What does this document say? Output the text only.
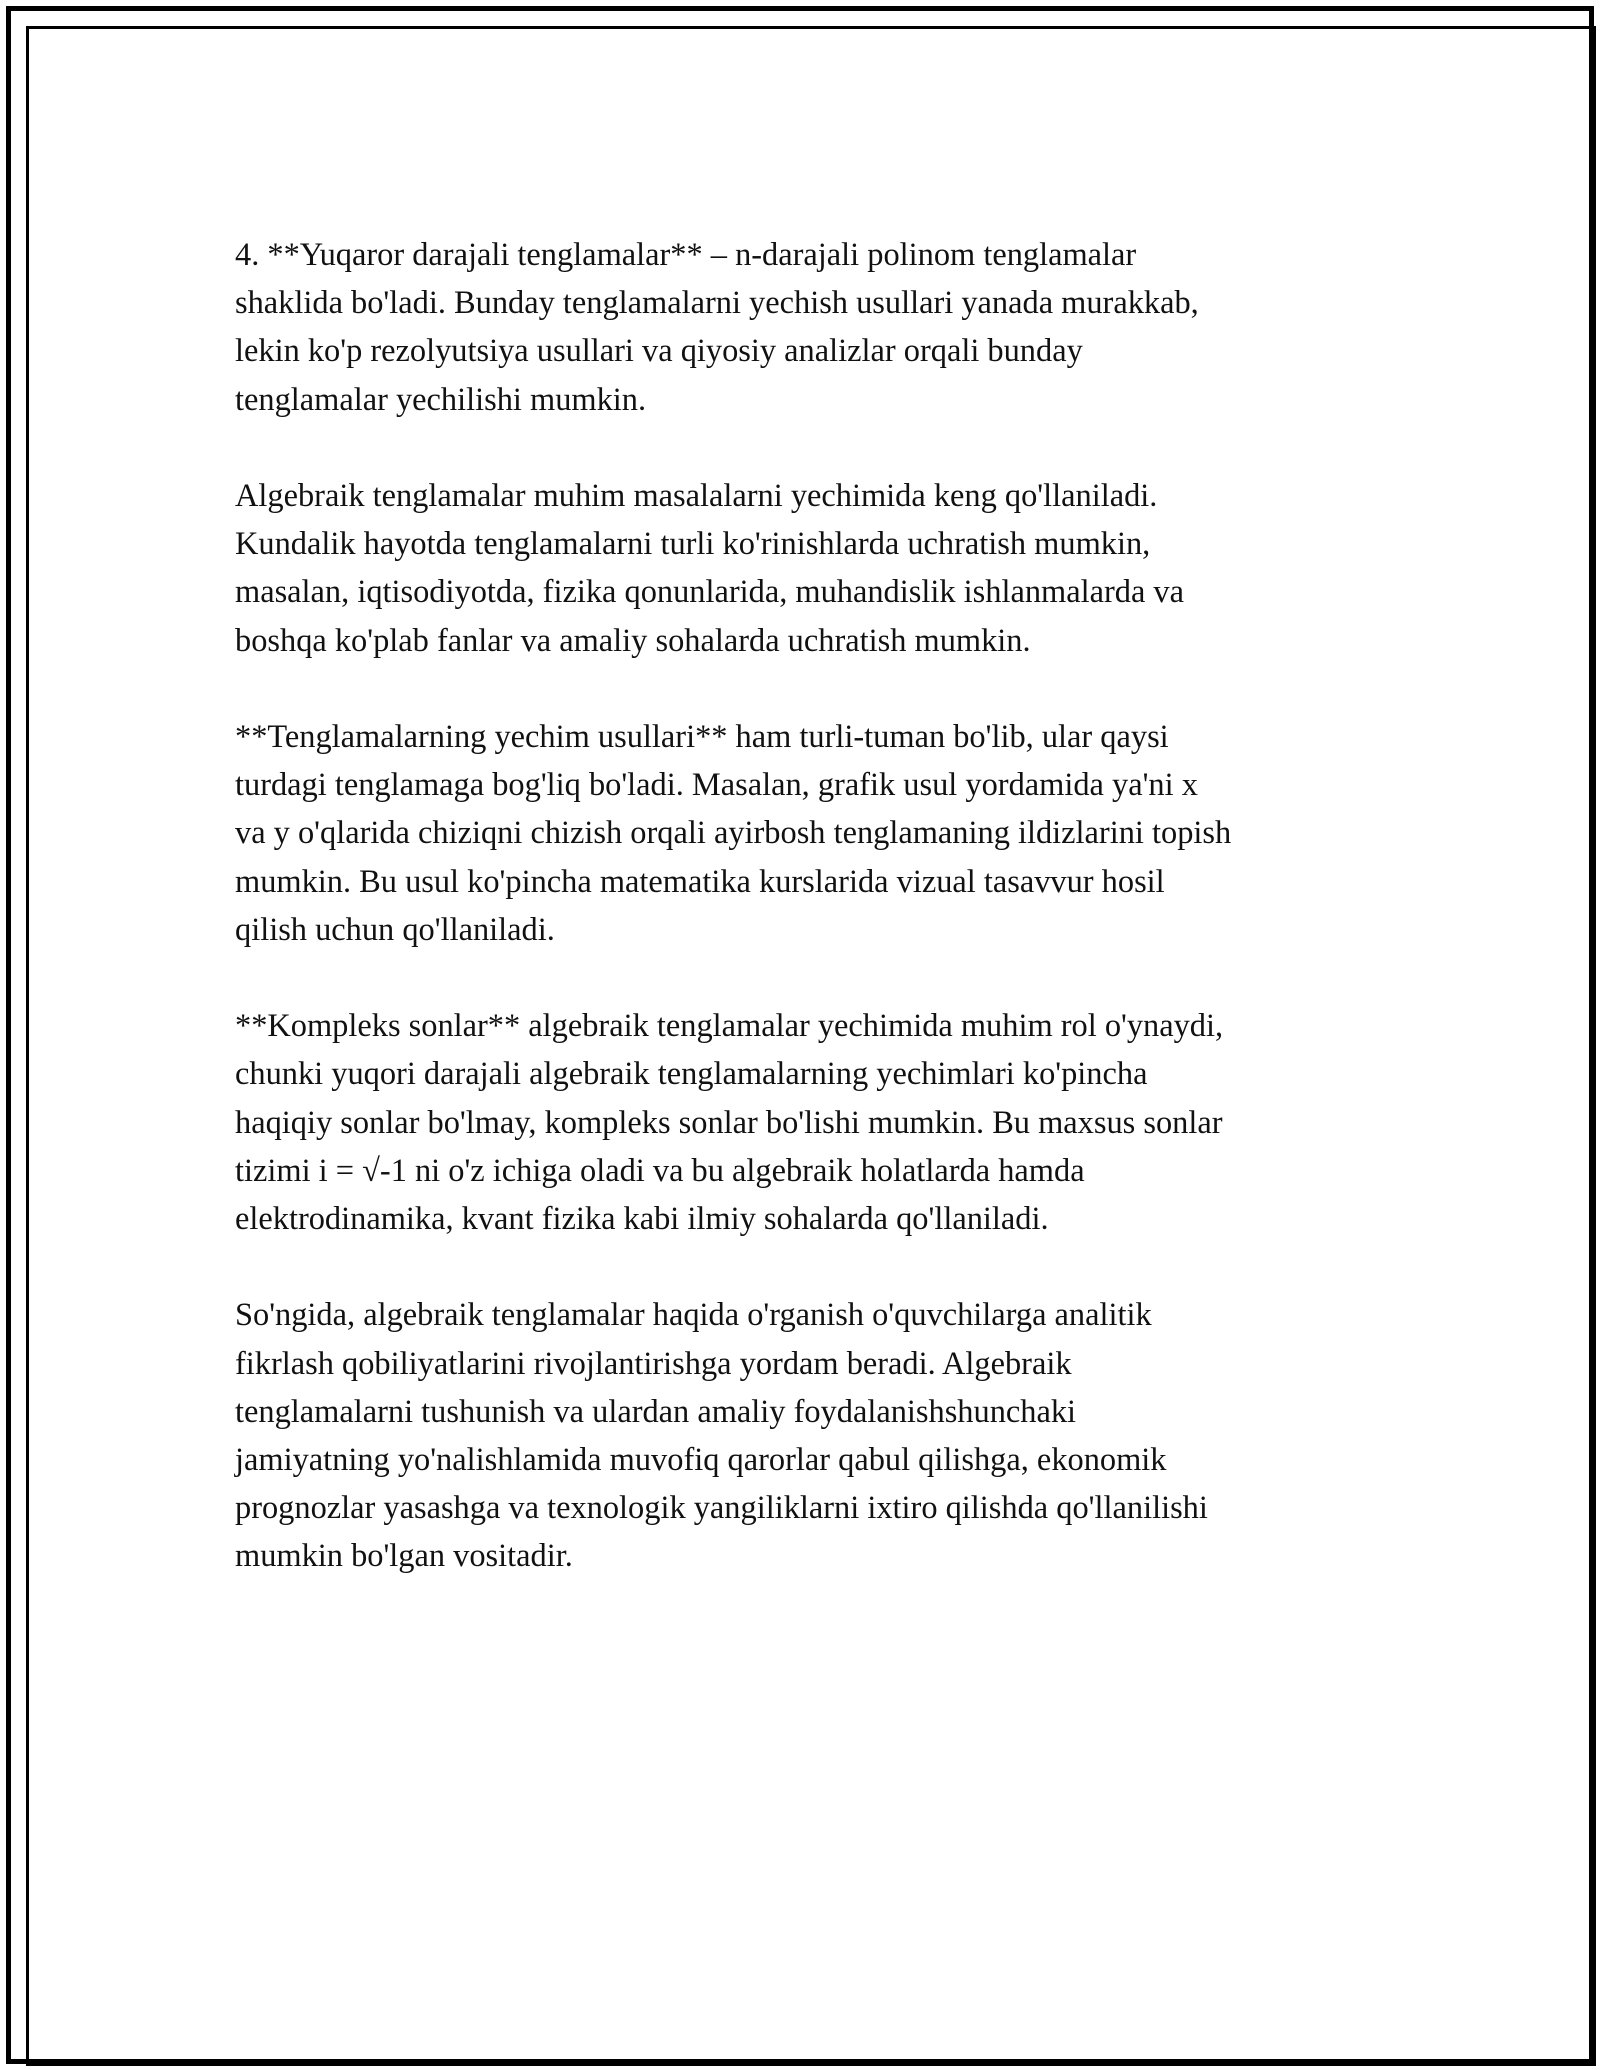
4. **Yuqaror darajali tenglamalar** – n-darajali polinom tenglamalar
shaklida bo'ladi. Bunday tenglamalarni yechish usullari yanada murakkab,
lekin ko'p rezolyutsiya usullari va qiyosiy analizlar orqali bunday
tenglamalar yechilishi mumkin.

Algebraik tenglamalar muhim masalalarni yechimida keng qo'llaniladi.
Kundalik hayotda tenglamalarni turli ko'rinishlarda uchratish mumkin,
masalan, iqtisodiyotda, fizika qonunlarida, muhandislik ishlanmalarda va
boshqa ko'plab fanlar va amaliy sohalarda uchratish mumkin.

**Tenglamalarning yechim usullari** ham turli-tuman bo'lib, ular qaysi
turdagi tenglamaga bog'liq bo'ladi. Masalan, grafik usul yordamida ya'ni x
va y o'qlarida chiziqni chizish orqali ayirbosh tenglamaning ildizlarini topish
mumkin. Bu usul ko'pincha matematika kurslarida vizual tasavvur hosil
qilish uchun qo'llaniladi.

**Kompleks sonlar** algebraik tenglamalar yechimida muhim rol o'ynaydi,
chunki yuqori darajali algebraik tenglamalarning yechimlari ko'pincha
haqiqiy sonlar bo'lmay, kompleks sonlar bo'lishi mumkin. Bu maxsus sonlar
tizimi i = √-1 ni o'z ichiga oladi va bu algebraik holatlarda hamda
elektrodinamika, kvant fizika kabi ilmiy sohalarda qo'llaniladi.

So'ngida, algebraik tenglamalar haqida o'rganish o'quvchilarga analitik
fikrlash qobiliyatlarini rivojlantirishga yordam beradi. Algebraik
tenglamalarni tushunish va ulardan amaliy foydalanishshunchaki
jamiyatning yo'nalishlamida muvofiq qarorlar qabul qilishga, ekonomik
prognozlar yasashga va texnologik yangiliklarni ixtiro qilishda qo'llanilishi
mumkin bo'lgan vositadir.
